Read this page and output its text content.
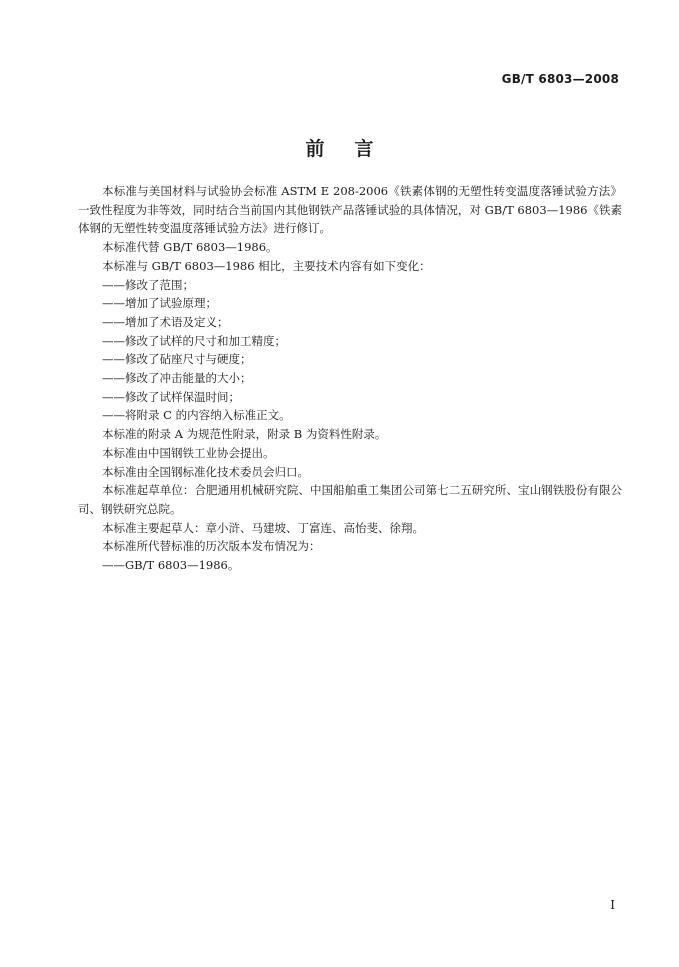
GB/T 6803—2008
前言

本标准与美国材料与试验协会标准 ASTM E 208-2006《铁素体钢的无塑性转变温度落锤试验方法》一致性程度为非等效，同时结合当前国内其他钢铁产品落锤试验的具体情况，对 GB/T 6803—1986《铁素体钢的无塑性转变温度落锤试验方法》进行修订。

本标准代替 GB/T 6803—1986。

本标准与 GB/T 6803—1986 相比，主要技术内容有如下变化：

——修改了范围；

——增加了试验原理；

——增加了术语及定义；

——修改了试样的尺寸和加工精度；

——修改了砧座尺寸与硬度；

——修改了冲击能量的大小；

——修改了试样保温时间；

——将附录 C 的内容纳入标准正文。

本标准的附录 A 为规范性附录，附录 B 为资料性附录。

本标准由中国钢铁工业协会提出。

本标准由全国钢标准化技术委员会归口。

本标准起草单位：合肥通用机械研究院、中国船舶重工集团公司第七二五研究所、宝山钢铁股份有限公司、钢铁研究总院。

本标准主要起草人：章小浒、马建坡、丁富连、高怡斐、徐翔。

本标准所代替标准的历次版本发布情况为：

——GB/T 6803—1986。

I
